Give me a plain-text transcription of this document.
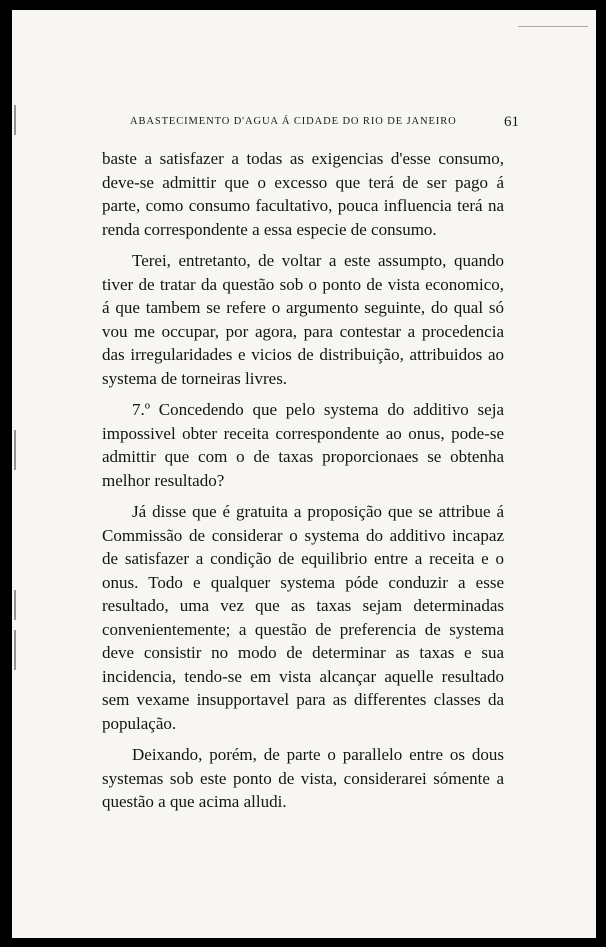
ABASTECIMENTO D'AGUA Á CIDADE DO RIO DE JANEIRO	61

baste a satisfazer a todas as exigencias d'esse consumo, deve-se admittir que o excesso que terá de ser pago á parte, como consumo facultativo, pouca influencia terá na renda correspondente a essa especie de consumo.

Terei, entretanto, de voltar a este assumpto, quando tiver de tratar da questão sob o ponto de vista economico, á que tambem se refere o argumento seguinte, do qual só vou me occupar, por agora, para contestar a procedencia das irregularidades e vicios de distribuição, attribuidos ao systema de torneiras livres.

7.º Concedendo que pelo systema do additivo seja impossivel obter receita correspondente ao onus, pode-se admittir que com o de taxas proporcionaes se obtenha melhor resultado?

Já disse que é gratuita a proposição que se attribue á Commissão de considerar o systema do additivo incapaz de satisfazer a condição de equilibrio entre a receita e o onus. Todo e qualquer systema póde conduzir a esse resultado, uma vez que as taxas sejam determinadas convenientemente; a questão de preferencia de systema deve consistir no modo de determinar as taxas e sua incidencia, tendo-se em vista alcançar aquelle resultado sem vexame insupportavel para as differentes classes da população.

Deixando, porém, de parte o parallelo entre os dous systemas sob este ponto de vista, considerarei sómente a questão a que acima alludi.
